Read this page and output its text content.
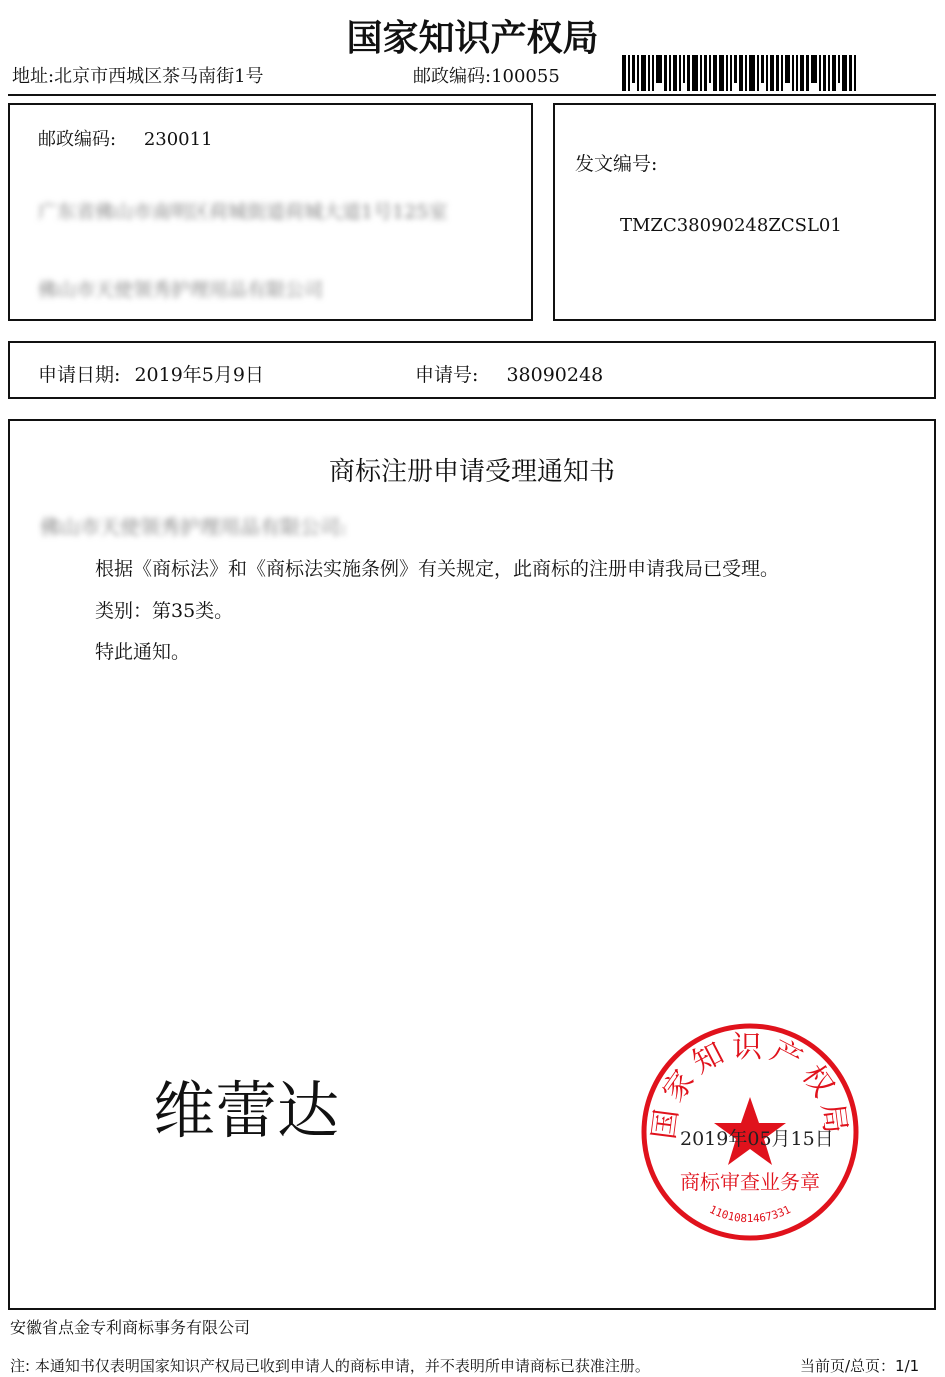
国家知识产权局
地址:北京市西城区茶马南街1号	邮政编码:100055
邮政编码: 230011
广东省佛山市南明区荷城街道荷城大道1号125室
佛山市天使领秀护理用品有限公司
发文编号:
TMZC38090248ZCSL01
申请日期: 2019年5月9日	申请号: 38090248
商标注册申请受理通知书
佛山市天使领秀护理用品有限公司:
根据《商标法》和《商标法实施条例》有关规定，此商标的注册申请我局已受理。
类别：第35类。
特此通知。
维蕾达	国家知识产权局
商标审查业务章
1101081467331
2019年05月15日
安徽省点金专利商标事务有限公司
注: 本通知书仅表明国家知识产权局已收到申请人的商标申请，并不表明所申请商标已获准注册。	当前页/总页：1/1
